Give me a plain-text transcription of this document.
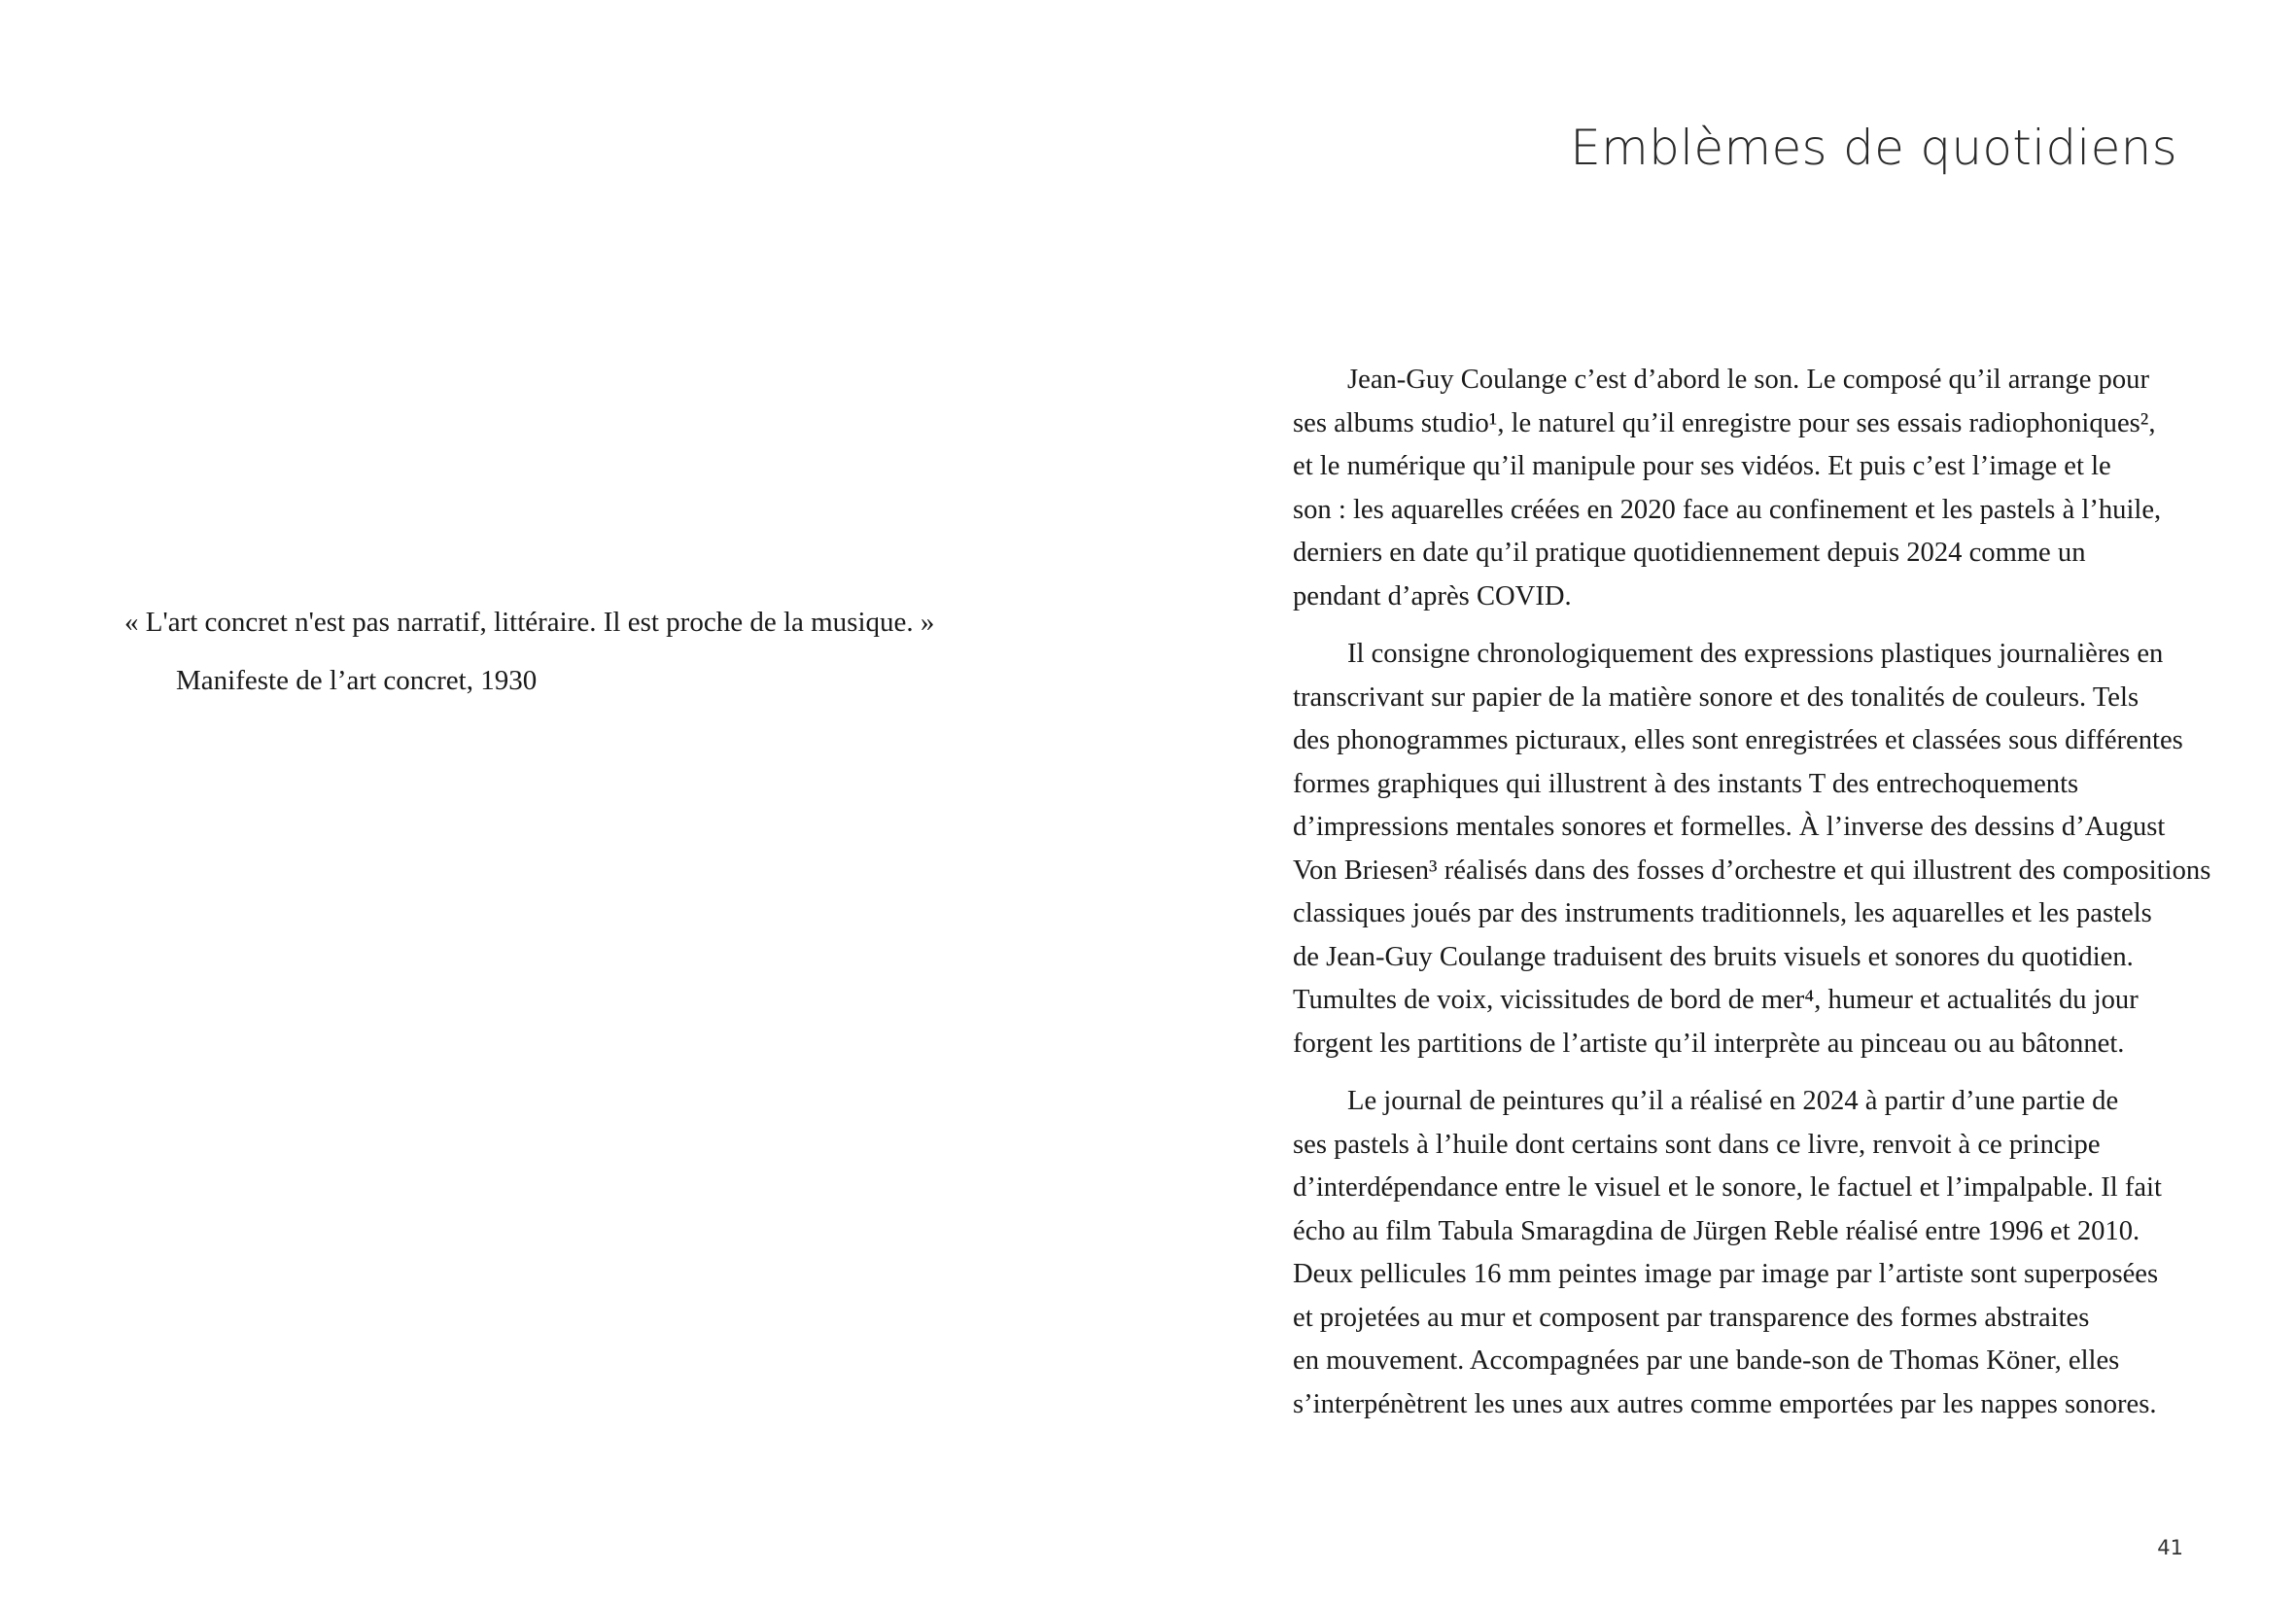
« L'art concret n'est pas narratif, littéraire. Il est proche de la musique. »

Manifeste de l’art concret, 1930

Emblèmes de quotidiens

Jean-Guy Coulange c’est d’abord le son. Le composé qu’il arrange pour
ses albums studio¹, le naturel qu’il enregistre pour ses essais radiophoniques²,
et le numérique qu’il manipule pour ses vidéos. Et puis c’est l’image et le
son : les aquarelles créées en 2020 face au confinement et les pastels à l’huile,
derniers en date qu’il pratique quotidiennement depuis 2024 comme un
pendant d’après COVID.

Il consigne chronologiquement des expressions plastiques journalières en
transcrivant sur papier de la matière sonore et des tonalités de couleurs. Tels
des phonogrammes picturaux, elles sont enregistrées et classées sous différentes
formes graphiques qui illustrent à des instants T des entrechoquements
d’impressions mentales sonores et formelles. À l’inverse des dessins d’August
Von Briesen³ réalisés dans des fosses d’orchestre et qui illustrent des compositions
classiques joués par des instruments traditionnels, les aquarelles et les pastels
de Jean-Guy Coulange traduisent des bruits visuels et sonores du quotidien.
Tumultes de voix, vicissitudes de bord de mer⁴, humeur et actualités du jour
forgent les partitions de l’artiste qu’il interprète au pinceau ou au bâtonnet.

Le journal de peintures qu’il a réalisé en 2024 à partir d’une partie de
ses pastels à l’huile dont certains sont dans ce livre, renvoit à ce principe
d’interdépendance entre le visuel et le sonore, le factuel et l’impalpable. Il fait
écho au film Tabula Smaragdina de Jürgen Reble réalisé entre 1996 et 2010.
Deux pellicules 16 mm peintes image par image par l’artiste sont superposées
et projetées au mur et composent par transparence des formes abstraites
en mouvement. Accompagnées par une bande-son de Thomas Köner, elles
s’interpénètrent les unes aux autres comme emportées par les nappes sonores.

41
